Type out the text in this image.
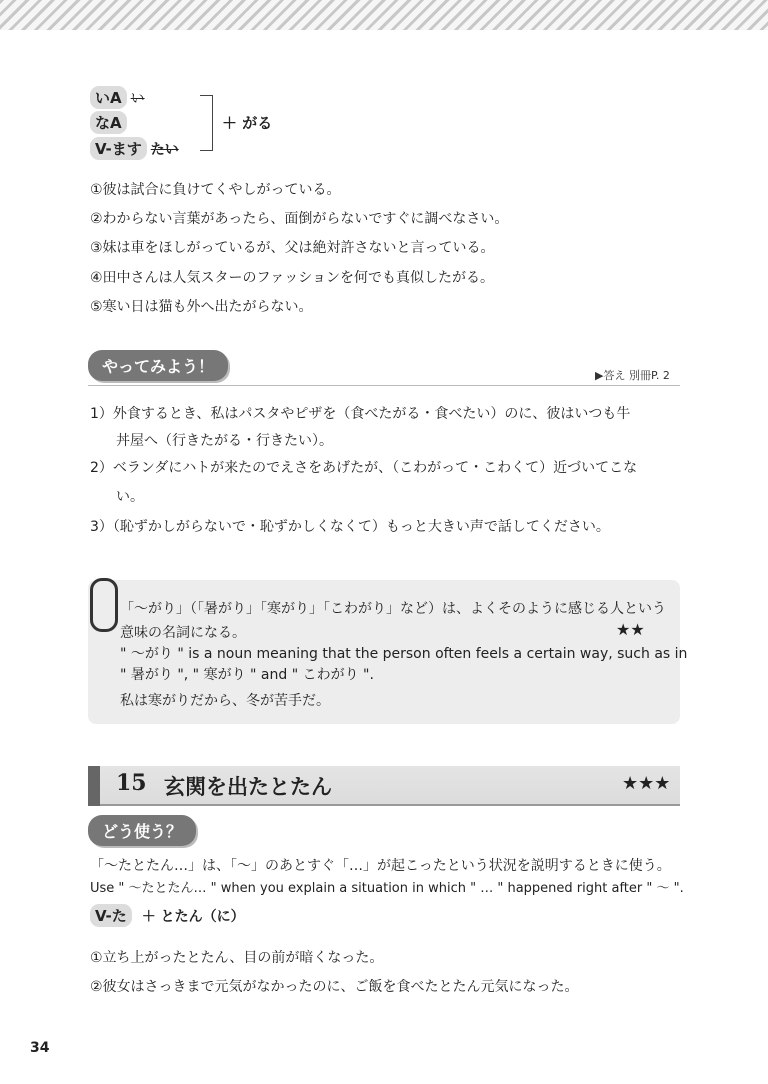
いA い
なA
V-ます たい
＋ がる
①彼は試合に負けてくやしがっている。
②わからない言葉があったら、面倒がらないですぐに調べなさい。
③妹は車をほしがっているが、父は絶対許さないと言っている。
④田中さんは人気スターのファッションを何でも真似したがる。
⑤寒い日は猫も外へ出たがらない。
やってみよう！	▶答え 別冊P. 2
1）外食するとき、私はパスタやピザを（食べたがる・食べたい）のに、彼はいつも牛
丼屋へ（行きたがる・行きたい）。
2）ベランダにハトが来たのでえさをあげたが、（こわがって・こわくて）近づいてこな
い。
3）（恥ずかしがらないで・恥ずかしくなくて）もっと大きい声で話してください。
「〜がり」（「暑がり」「寒がり」「こわがり」など）は、よくそのように感じる人という
意味の名詞になる。	★★
" 〜がり " is a noun meaning that the person often feels a certain way, such as in
" 暑がり ", " 寒がり " and " こわがり ".
私は寒がりだから、冬が苦手だ。
15 玄関を出たとたん	★★★
どう使う？
「〜たとたん…」は、「〜」のあとすぐ「…」が起こったという状況を説明するときに使う。
Use " 〜たとたん… " when you explain a situation in which " … " happened right after " 〜 ".
V-た	＋ とたん（に）
①立ち上がったとたん、目の前が暗くなった。
②彼女はさっきまで元気がなかったのに、ご飯を食べたとたん元気になった。
34
